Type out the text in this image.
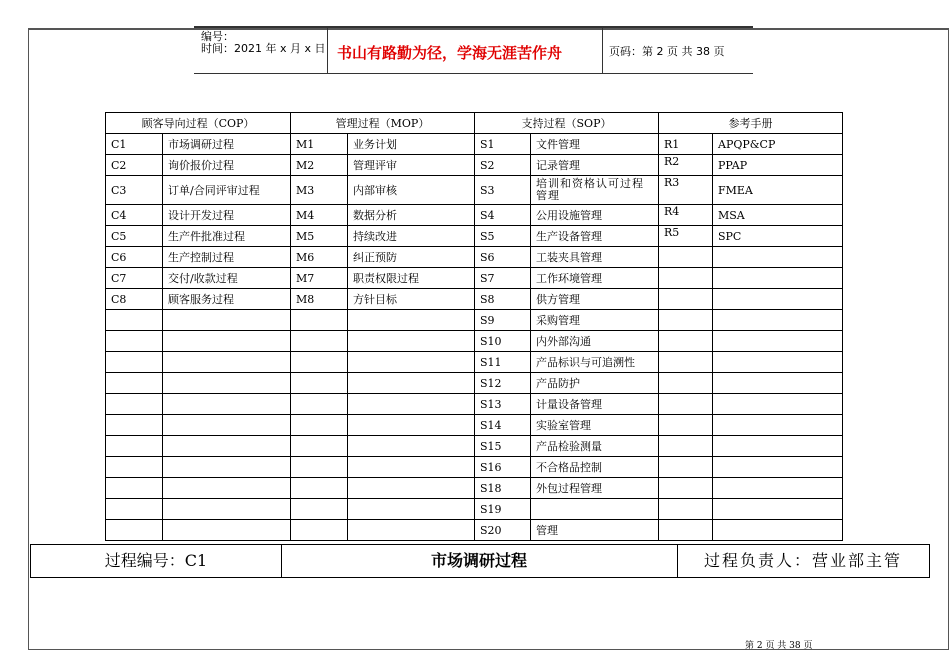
编号：
时间：2021 年 x 月 x 日 书山有路勤为径，学海无涯苦作舟	页码：第 2 页 共 38 页
顾客导向过程（COP）		管理过程（MOP）		支持过程（SOP）		参考手册	
C1	市场调研过程	M1	业务计划	S1	文件管理	R1	APQP&CP
C2	询价报价过程	M2	管理评审	S2	记录管理	R2	PPAP
C3	订单/合同评审过程	M3	内部审核	S3	培训和资格认可过程管理	R3	FMEA
C4	设计开发过程	M4	数据分析	S4	公用设施管理	R4	MSA
C5	生产件批准过程	M5	持续改进	S5	生产设备管理	R5	SPC
C6	生产控制过程	M6	纠正预防	S6	工装夹具管理		
C7	交付/收款过程	M7	职责权限过程	S7	工作环境管理		
C8	顾客服务过程	M8	方针目标	S8	供方管理		
				S9	采购管理		
				S10	内外部沟通		
				S11	产品标识与可追溯性		
				S12	产品防护		
				S13	计量设备管理		
				S14	实验室管理		
				S15	产品检验测量		
				S16	不合格品控制		
				S18	外包过程管理		
				S19			
				S20	管理		
过程编号：C1	市场调研过程	过程负责人：营业部主管
第 2 页 共 38 页
